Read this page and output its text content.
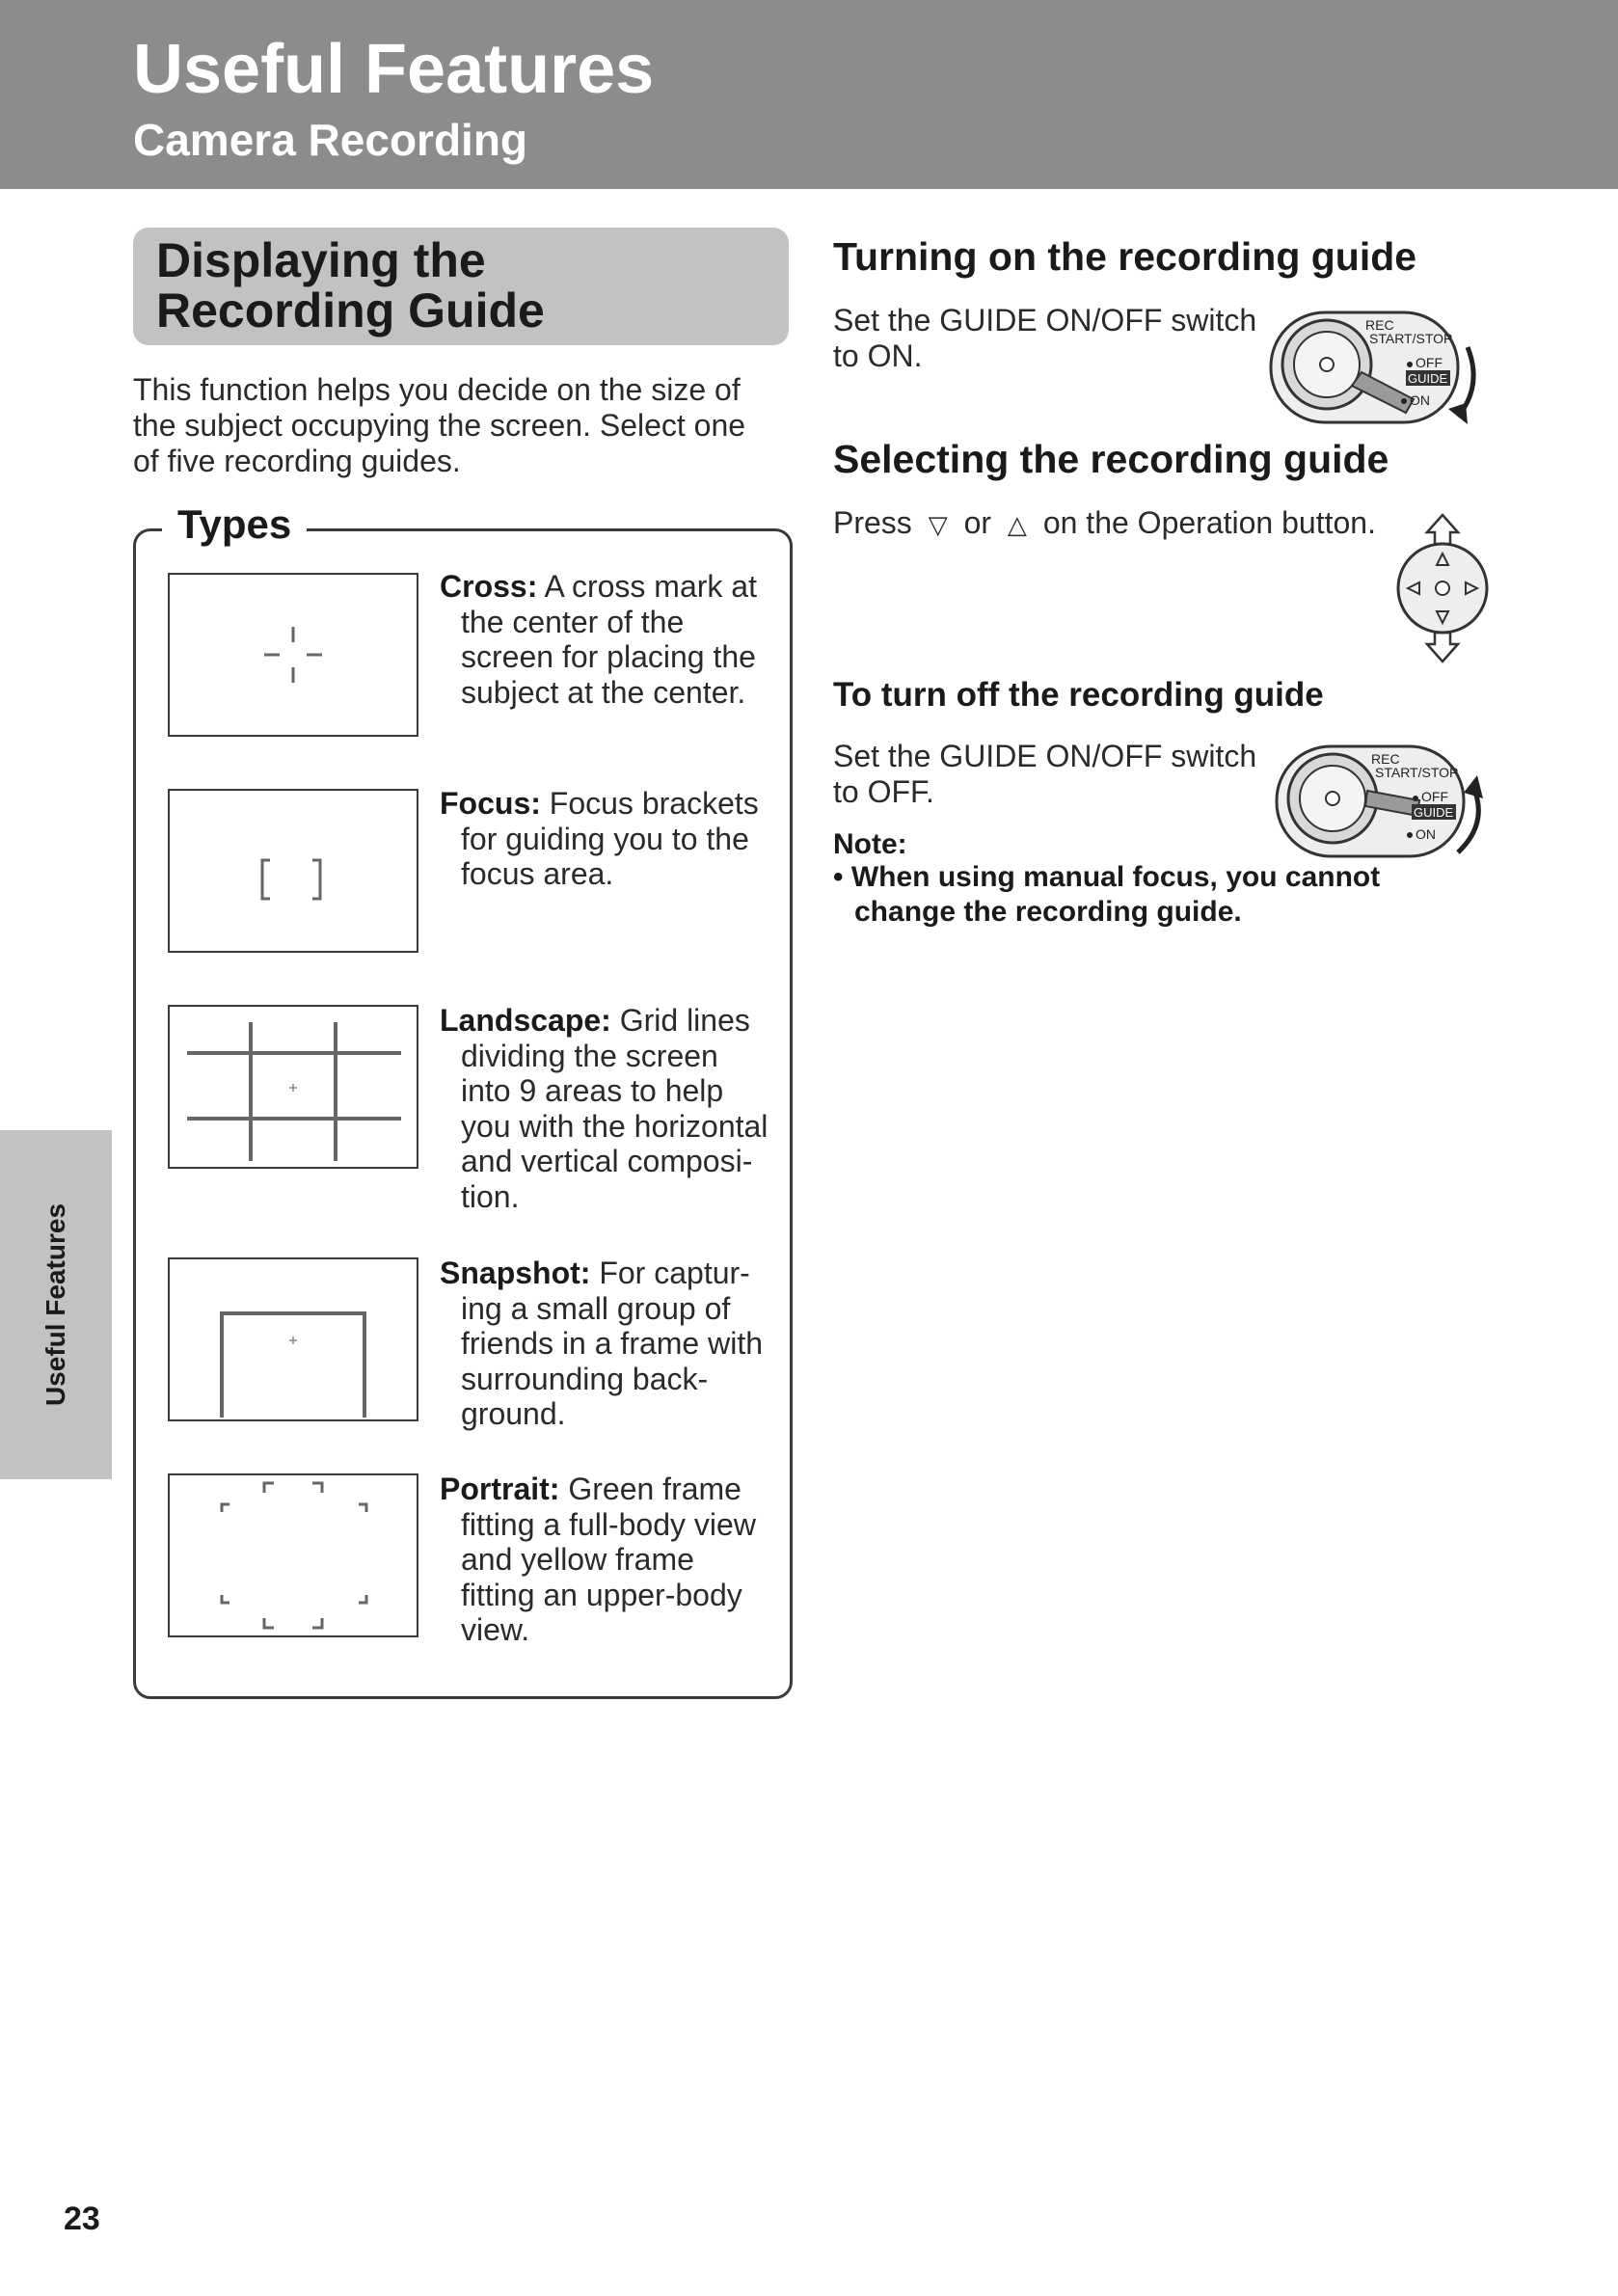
Useful Features
Camera Recording
Displaying the
Recording Guide
This function helps you decide on the size of
the subject occupying the screen. Select one
of five recording guides.
Types
Cross: A cross mark at
the center of the
screen for placing the
subject at the center.
Focus: Focus brackets
for guiding you to the
focus area.
Landscape: Grid lines
dividing the screen
into 9 areas to help
you with the horizontal
and vertical composi-
tion.
Snapshot: For captur-
ing a small group of
friends in a frame with
surrounding back-
ground.
Portrait: Green frame
fitting a full-body view
and yellow frame
fitting an upper-body
view.
Turning on the recording guide
Set the GUIDE ON/OFF switch
to ON.
REC
START/STOP
OFF
GUIDE
ON
Selecting the recording guide
Press ▽ or △ on the Operation button.
To turn off the recording guide
Set the GUIDE ON/OFF switch
to OFF.
REC
START/STOP
OFF
GUIDE
ON
Note:
• When using manual focus, you cannot
change the recording guide.
Useful Features
23
